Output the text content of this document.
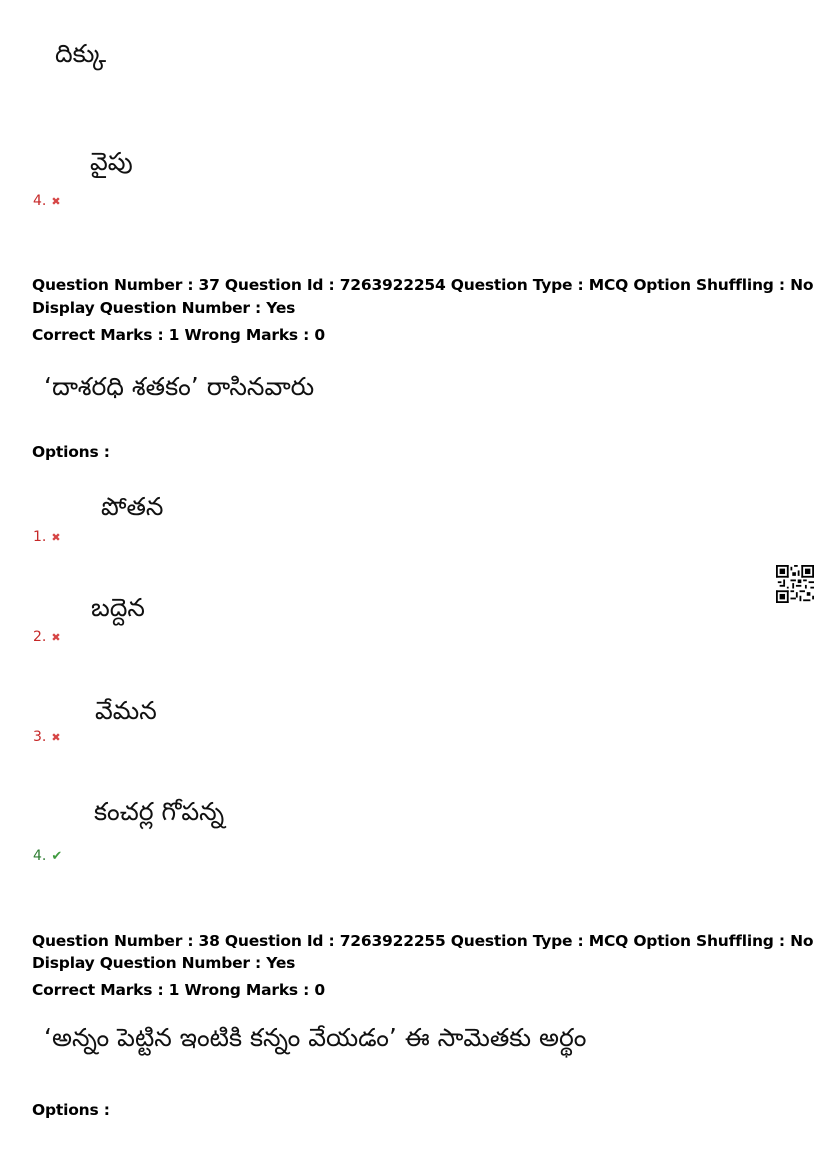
దిక్కు
వైపు
4. ✖
Question Number : 37 Question Id : 7263922254 Question Type : MCQ Option Shuffling : No
Display Question Number : Yes
Correct Marks : 1 Wrong Marks : 0
‘దాశరధి శతకం’ రాసినవారు
Options :
పోతన
1. ✖
బద్దెన
2. ✖
వేమన
3. ✖
కంచర్ల గోపన్న
4. ✔
Question Number : 38 Question Id : 7263922255 Question Type : MCQ Option Shuffling : No
Display Question Number : Yes
Correct Marks : 1 Wrong Marks : 0
‘అన్నం పెట్టిన ఇంటికి కన్నం వేయడం’ ఈ సామెతకు అర్థం
Options :
